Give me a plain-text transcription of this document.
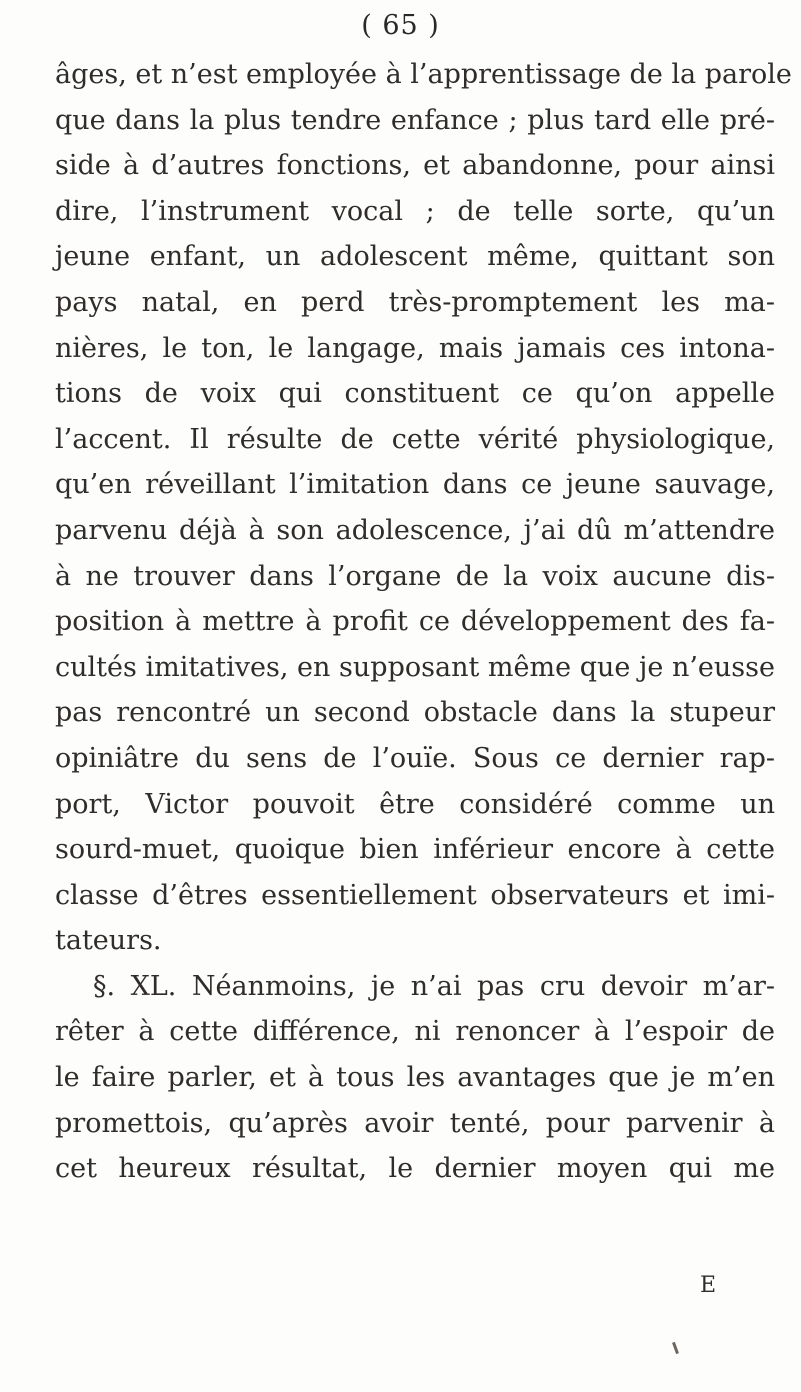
( 65 )
âges, et n’est employée à l’apprentissage de la parole
que dans la plus tendre enfance ; plus tard elle pré-
side à d’autres fonctions, et abandonne, pour ainsi
dire, l’instrument vocal ; de telle sorte, qu’un
jeune enfant, un adolescent même, quittant son
pays natal, en perd très-promptement les ma-
nières, le ton, le langage, mais jamais ces intona-
tions de voix qui constituent ce qu’on appelle
l’accent. Il résulte de cette vérité physiologique,
qu’en réveillant l’imitation dans ce jeune sauvage,
parvenu déjà à son adolescence, j’ai dû m’attendre
à ne trouver dans l’organe de la voix aucune dis-
position à mettre à profit ce développement des fa-
cultés imitatives, en supposant même que je n’eusse
pas rencontré un second obstacle dans la stupeur
opiniâtre du sens de l’ouïe. Sous ce dernier rap-
port, Victor pouvoit être considéré comme un
sourd-muet, quoique bien inférieur encore à cette
classe d’êtres essentiellement observateurs et imi-
tateurs.
§. XL. Néanmoins, je n’ai pas cru devoir m’ar-
rêter à cette différence, ni renoncer à l’espoir de
le faire parler, et à tous les avantages que je m’en
promettois, qu’après avoir tenté, pour parvenir à
cet heureux résultat, le dernier moyen qui me
E
